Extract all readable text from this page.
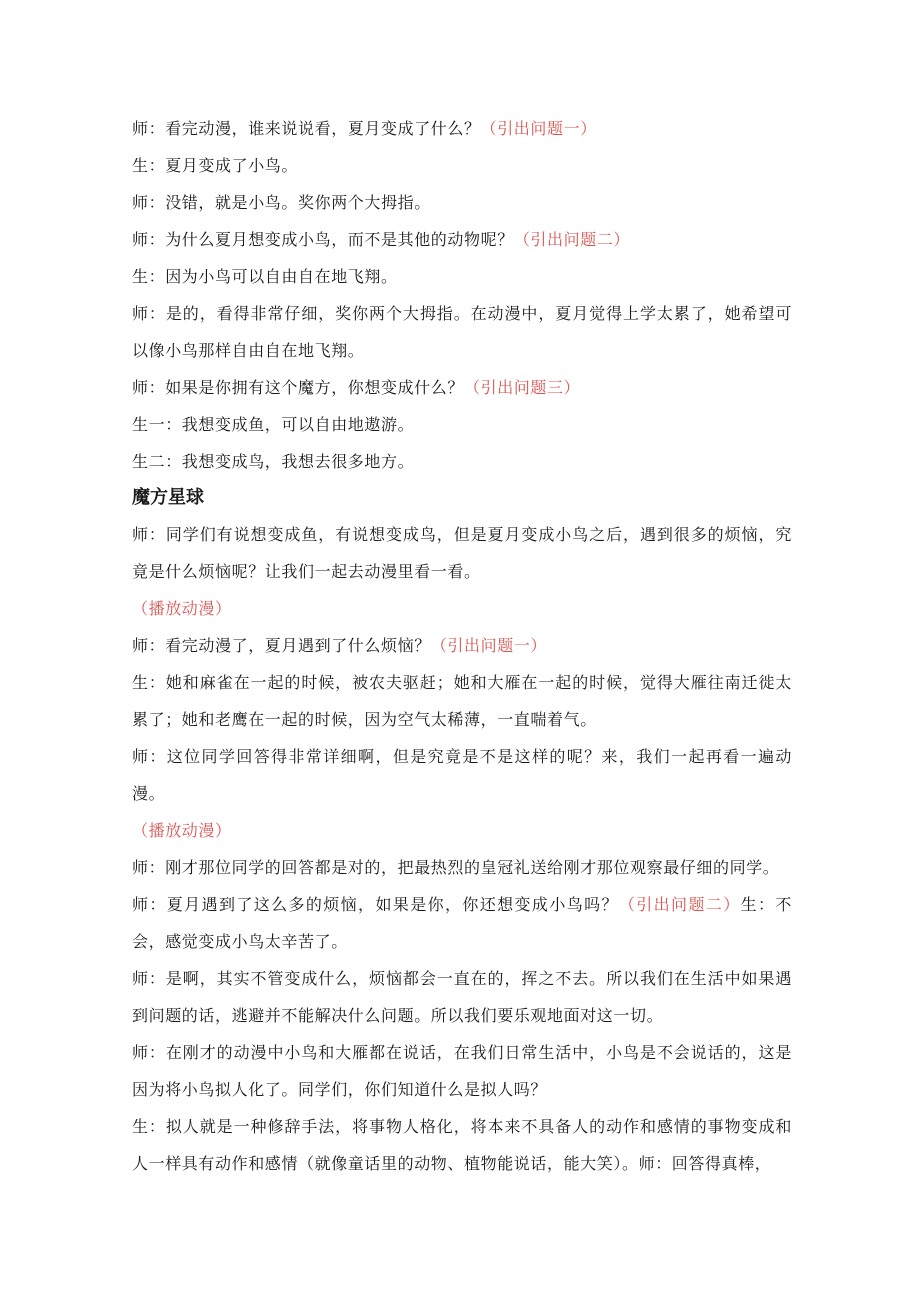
师：看完动漫，谁来说说看，夏月变成了什么？（引出问题一）

生：夏月变成了小鸟。

师：没错，就是小鸟。奖你两个大拇指。

师：为什么夏月想变成小鸟，而不是其他的动物呢？（引出问题二）

生：因为小鸟可以自由自在地飞翔。

师：是的，看得非常仔细，奖你两个大拇指。在动漫中，夏月觉得上学太累了，她希望可以像小鸟那样自由自在地飞翔。

师：如果是你拥有这个魔方，你想变成什么？（引出问题三）

生一：我想变成鱼，可以自由地遨游。

生二：我想变成鸟，我想去很多地方。

魔方星球

师：同学们有说想变成鱼，有说想变成鸟，但是夏月变成小鸟之后，遇到很多的烦恼，究竟是什么烦恼呢？让我们一起去动漫里看一看。

（播放动漫）

师：看完动漫了，夏月遇到了什么烦恼？（引出问题一）

生：她和麻雀在一起的时候，被农夫驱赶；她和大雁在一起的时候，觉得大雁往南迁徙太累了；她和老鹰在一起的时候，因为空气太稀薄，一直喘着气。

师：这位同学回答得非常详细啊，但是究竟是不是这样的呢？来，我们一起再看一遍动漫。

（播放动漫）

师：刚才那位同学的回答都是对的，把最热烈的皇冠礼送给刚才那位观察最仔细的同学。

师：夏月遇到了这么多的烦恼，如果是你，你还想变成小鸟吗？（引出问题二）生：不会，感觉变成小鸟太辛苦了。

师：是啊，其实不管变成什么，烦恼都会一直在的，挥之不去。所以我们在生活中如果遇到问题的话，逃避并不能解决什么问题。所以我们要乐观地面对这一切。

师：在刚才的动漫中小鸟和大雁都在说话，在我们日常生活中，小鸟是不会说话的，这是因为将小鸟拟人化了。同学们，你们知道什么是拟人吗？

生：拟人就是一种修辞手法，将事物人格化，将本来不具备人的动作和感情的事物变成和人一样具有动作和感情（就像童话里的动物、植物能说话，能大笑）。师：回答得真棒，
